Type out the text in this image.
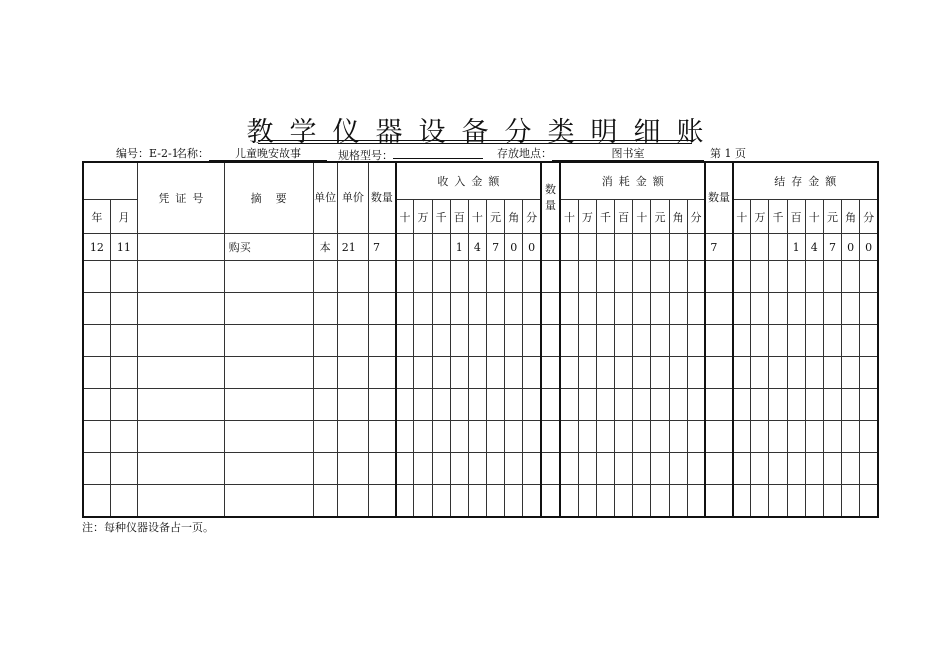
教学仪器设备分类明细账
编号：E-2-1
名称： 儿童晚安故事	规格型号：	存放地点：	图书室	第 1 页
		凭证号	摘要	单位	单价	数量	收入金额								数量	消耗金额								数量	结存金额							
年	月						十	万	千	百	十	元	角	分		十	万	千	百	十	元	角	分		十	万	千	百	十	元	角	分
12	11		购买	本	21	7				1	4	7	0	0										7				1	4	7	0	0

注：每种仪器设备占一页。
